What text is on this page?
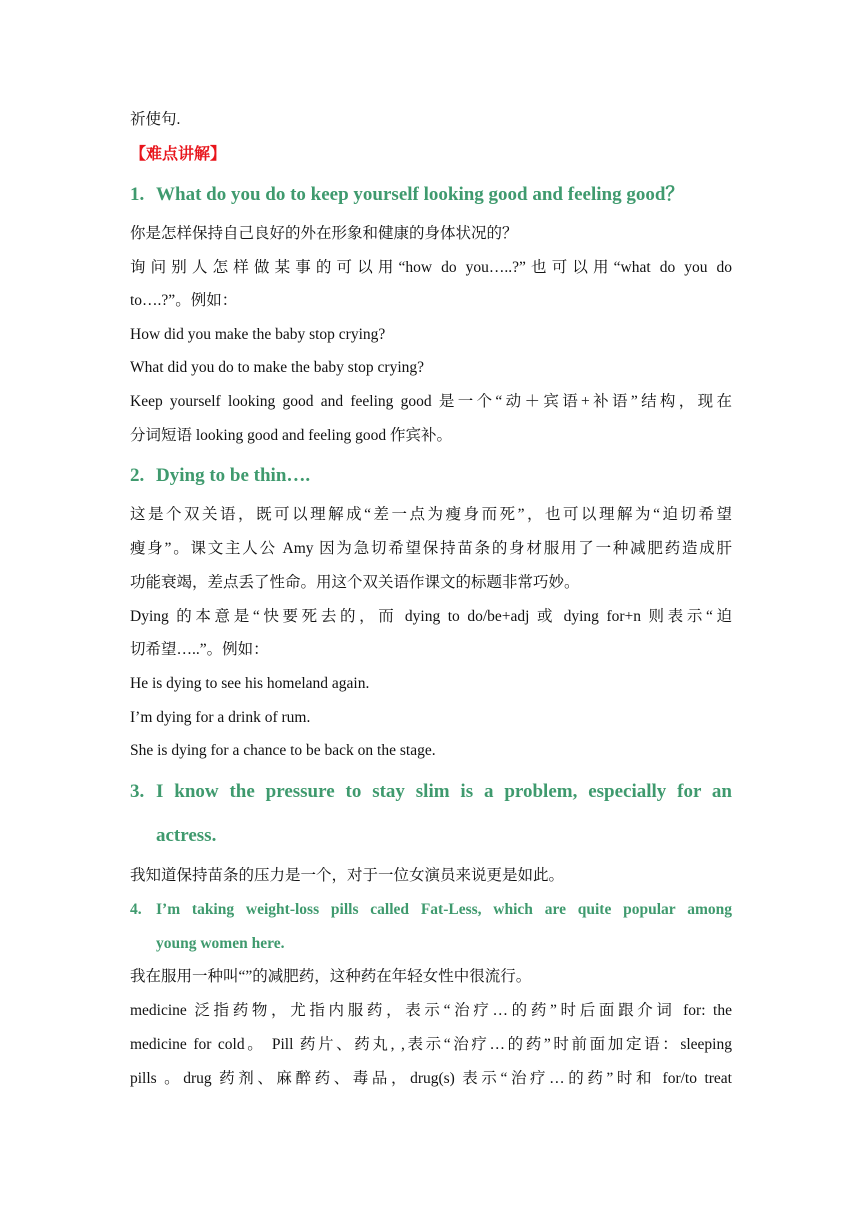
祈使句.
【难点讲解】
1. What do you do to keep yourself looking good and feeling good？
你是怎样保持自己良好的外在形象和健康的身体状况的？
询问别人怎样做某事的可以用“how do you…..?”也可以用“what do you do
to….?”。例如：
How did you make the baby stop crying?
What did you do to make the baby stop crying?
Keep yourself looking good and feeling good 是一个“动＋宾语+补语”结构，现在
分词短语 looking good and feeling good 作宾补。
2. Dying to be thin….
这是个双关语，既可以理解成“差一点为瘦身而死”，也可以理解为“迫切希望
瘦身”。课文主人公 Amy 因为急切希望保持苗条的身材服用了一种减肥药造成肝
功能衰竭，差点丢了性命。用这个双关语作课文的标题非常巧妙。
Dying 的本意是“快要死去的，而 dying to do/be+adj 或 dying for+n 则表示“迫
切希望…..”。例如：
He is dying to see his homeland again.
I’m dying for a drink of rum.
She is dying for a chance to be back on the stage.
3. I know the pressure to stay slim is a problem, especially for an
actress.
我知道保持苗条的压力是一个，对于一位女演员来说更是如此。
4. I’m taking weight-loss pills called Fat-Less, which are quite popular among
young women here.
我在服用一种叫“”的减肥药，这种药在年轻女性中很流行。
medicine 泛指药物，尤指内服药，表示“治疗…的药”时后面跟介词 for: the
medicine for cold。 Pill 药片、药丸, ,表示“治疗…的药”时前面加定语：sleeping
pills 。drug 药剂、麻醉药、毒品，drug(s) 表示“治疗…的药”时和 for/to treat
